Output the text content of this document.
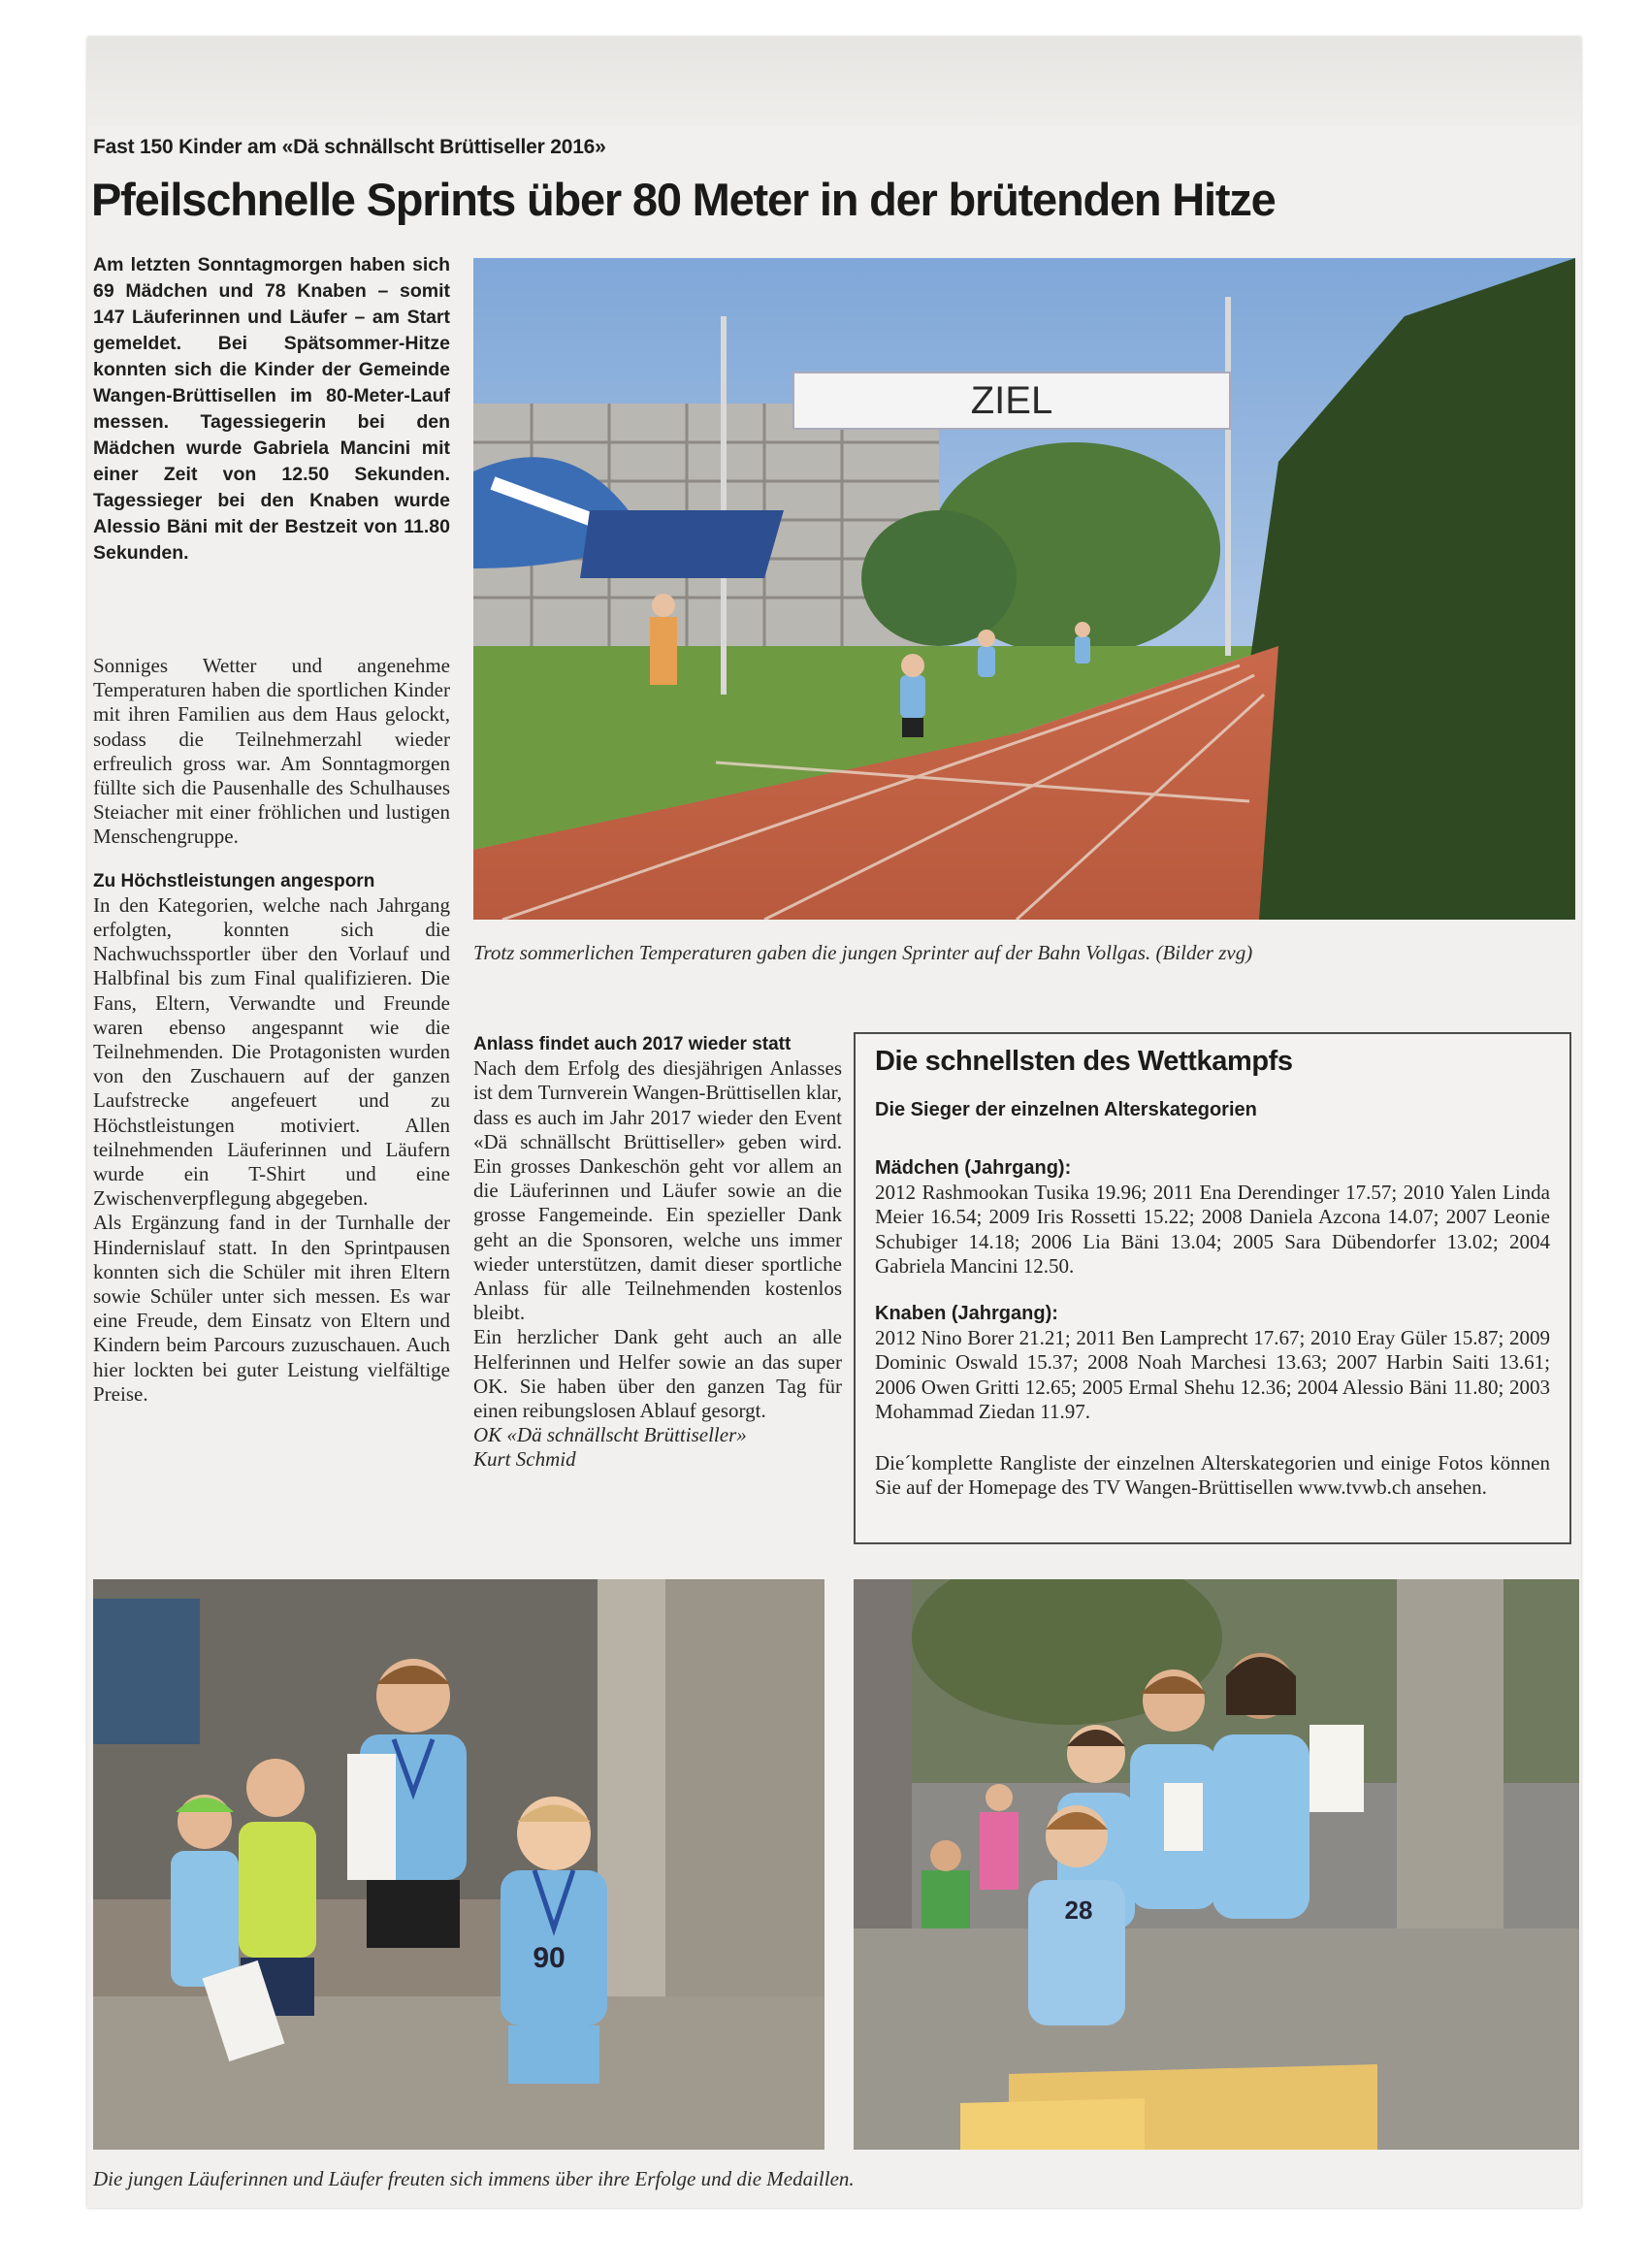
Fast 150 Kinder am «Dä schnällscht Brüttiseller 2016»

Pfeilschnelle Sprints über 80 Meter in der brütenden Hitze

Am letzten Sonntagmorgen haben sich 69 Mädchen und 78 Knaben – somit 147 Läuferinnen und Läufer – am Start gemeldet. Bei Spätsommer-Hitze konnten sich die Kinder der Gemeinde Wangen-Brüttisellen im 80-Meter-Lauf messen. Tagessiegerin bei den Mädchen wurde Gabriela Mancini mit einer Zeit von 12.50 Sekunden. Tagessieger bei den Knaben wurde Alessio Bäni mit der Bestzeit von 11.80 Sekunden.

Sonniges Wetter und angenehme Temperaturen haben die sportlichen Kinder mit ihren Familien aus dem Haus gelockt, sodass die Teilnehmerzahl wieder erfreulich gross war. Am Sonntagmorgen füllte sich die Pausenhalle des Schulhauses Steiacher mit einer fröhlichen und lustigen Menschengruppe.

Zu Höchstleistungen angesporn

In den Kategorien, welche nach Jahrgang erfolgten, konnten sich die Nachwuchssportler über den Vorlauf und Halbfinal bis zum Final qualifizieren. Die Fans, Eltern, Verwandte und Freunde waren ebenso angespannt wie die Teilnehmenden. Die Protagonisten wurden von den Zuschauern auf der ganzen Laufstrecke angefeuert und zu Höchstleistungen motiviert. Allen teilnehmenden Läuferinnen und Läufern wurde ein T-Shirt und eine Zwischenverpflegung abgegeben.

Als Ergänzung fand in der Turnhalle der Hindernislauf statt. In den Sprintpausen konnten sich die Schüler mit ihren Eltern sowie Schüler unter sich messen. Es war eine Freude, dem Einsatz von Eltern und Kindern beim Parcours zuzuschauen. Auch hier lockten bei guter Leistung vielfältige Preise.

ZIEL

Trotz sommerlichen Temperaturen gaben die jungen Sprinter auf der Bahn Vollgas. (Bilder zvg)

Anlass findet auch 2017 wieder statt

Nach dem Erfolg des diesjährigen Anlasses ist dem Turnverein Wangen-Brüttisellen klar, dass es auch im Jahr 2017 wieder den Event «Dä schnällscht Brüttiseller» geben wird. Ein grosses Dankeschön geht vor allem an die Läuferinnen und Läufer sowie an die grosse Fangemeinde. Ein spezieller Dank geht an die Sponsoren, welche uns immer wieder unterstützen, damit dieser sportliche Anlass für alle Teilnehmenden kostenlos bleibt.

Ein herzlicher Dank geht auch an alle Helferinnen und Helfer sowie an das super OK. Sie haben über den ganzen Tag für einen reibungslosen Ablauf gesorgt.

OK «Dä schnällscht Brüttiseller»

Kurt Schmid

Die schnellsten des Wettkampfs

Die Sieger der einzelnen Alterskategorien

Mädchen (Jahrgang):

2012 Rashmookan Tusika 19.96; 2011 Ena Derendinger 17.57; 2010 Yalen Linda Meier 16.54; 2009 Iris Rossetti 15.22; 2008 Daniela Azcona 14.07; 2007 Leonie Schubiger 14.18; 2006 Lia Bäni 13.04; 2005 Sara Dübendorfer 13.02; 2004 Gabriela Mancini 12.50.

Knaben (Jahrgang):

2012 Nino Borer 21.21; 2011 Ben Lamprecht 17.67; 2010 Eray Güler 15.87; 2009 Dominic Oswald 15.37; 2008 Noah Marchesi 13.63; 2007 Harbin Saiti 13.61; 2006 Owen Gritti 12.65; 2005 Ermal Shehu 12.36; 2004 Alessio Bäni 11.80; 2003 Mohammad Ziedan 11.97.

Die´komplette Rangliste der einzelnen Alterskategorien und einige Fotos können Sie auf der Homepage des TV Wangen-Brüttisellen www.tvwb.ch ansehen.

90
28

Die jungen Läuferinnen und Läufer freuten sich immens über ihre Erfolge und die Medaillen.
